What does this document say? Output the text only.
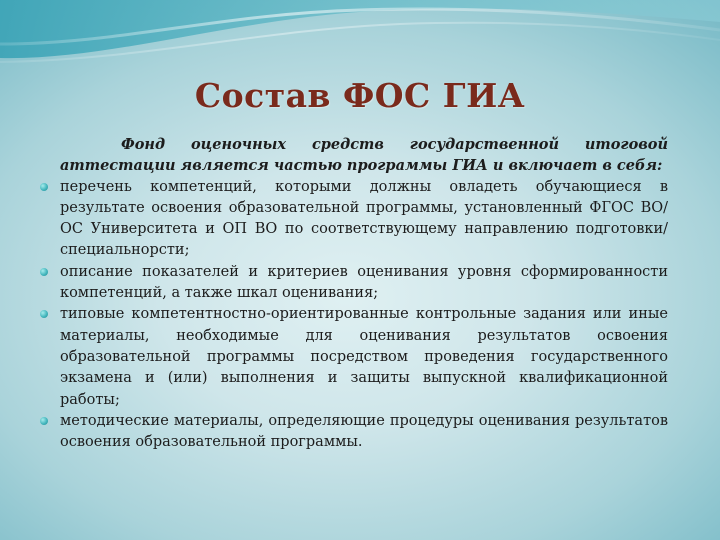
Состав ФОС ГИА

Фонд оценочных средств государственной итоговой аттестации является частью программы ГИА и включает в себя:

перечень компетенций, которыми должны овладеть обучающиеся в результате освоения образовательной программы, установленный ФГОС ВО/ОС Университета и ОП ВО по соответствующему направлению подготовки/специальнорсти;
описание показателей и критериев оценивания уровня сформированности компетенций, а также шкал оценивания;
типовые компетентностно-ориентированные контрольные задания или иные материалы, необходимые для оценивания результатов освоения образовательной программы посредством проведения государственного экзамена и (или) выполнения и защиты выпускной квалификационной работы;
методические материалы, определяющие процедуры оценивания результатов освоения образовательной программы.
